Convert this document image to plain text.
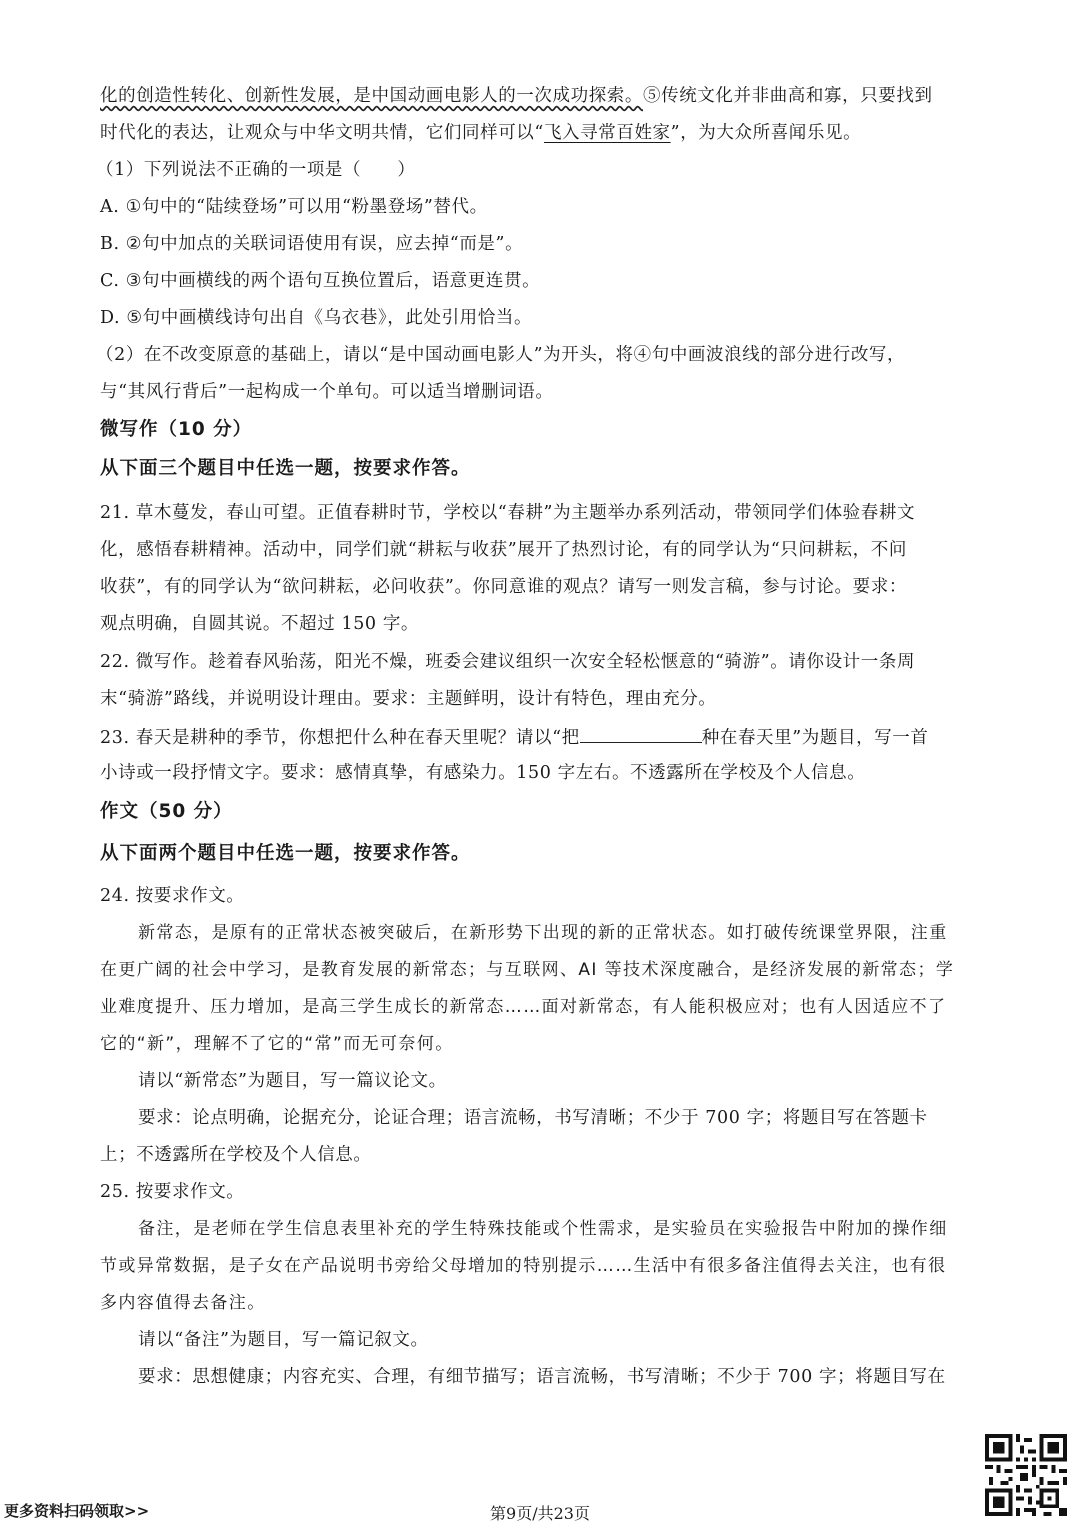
化的创造性转化、创新性发展，是中国动画电影人的一次成功探索。⑤传统文化并非曲高和寡，只要找到
时代化的表达，让观众与中华文明共情，它们同样可以“飞入寻常百姓家”，为大众所喜闻乐见。
（1）下列说法不正确的一项是（　　）
A. ①句中的“陆续登场”可以用“粉墨登场”替代。
B. ②句中加点的关联词语使用有误，应去掉“而是”。
C. ③句中画横线的两个语句互换位置后，语意更连贯。
D. ⑤句中画横线诗句出自《乌衣巷》，此处引用恰当。
（2）在不改变原意的基础上，请以“是中国动画电影人”为开头，将④句中画波浪线的部分进行改写，
与“其风行背后”一起构成一个单句。可以适当增删词语。
微写作（10 分）
从下面三个题目中任选一题，按要求作答。
21. 草木蔓发，春山可望。正值春耕时节，学校以“春耕”为主题举办系列活动，带领同学们体验春耕文
化，感悟春耕精神。活动中，同学们就“耕耘与收获”展开了热烈讨论，有的同学认为“只问耕耘，不问
收获”，有的同学认为“欲问耕耘，必问收获”。你同意谁的观点？请写一则发言稿，参与讨论。要求：
观点明确，自圆其说。不超过 150 字。
22. 微写作。趁着春风骀荡，阳光不燥，班委会建议组织一次安全轻松惬意的“骑游”。请你设计一条周
末“骑游”路线，并说明设计理由。要求：主题鲜明，设计有特色，理由充分。
23. 春天是耕种的季节，你想把什么种在春天里呢？请以“把	种在春天里”为题目，写一首
小诗或一段抒情文字。要求：感情真挚，有感染力。150 字左右。不透露所在学校及个人信息。
作文（50 分）
从下面两个题目中任选一题，按要求作答。
24. 按要求作文。
新常态，是原有的正常状态被突破后，在新形势下出现的新的正常状态。如打破传统课堂界限，注重
在更广阔的社会中学习，是教育发展的新常态；与互联网、AI 等技术深度融合，是经济发展的新常态；学
业难度提升、压力增加，是高三学生成长的新常态……面对新常态，有人能积极应对；也有人因适应不了
它的“新”，理解不了它的“常”而无可奈何。
请以“新常态”为题目，写一篇议论文。
要求：论点明确，论据充分，论证合理；语言流畅，书写清晰；不少于 700 字；将题目写在答题卡
上；不透露所在学校及个人信息。
25. 按要求作文。
备注，是老师在学生信息表里补充的学生特殊技能或个性需求，是实验员在实验报告中附加的操作细
节或异常数据，是子女在产品说明书旁给父母增加的特别提示……生活中有很多备注值得去关注，也有很
多内容值得去备注。
请以“备注”为题目，写一篇记叙文。
要求：思想健康；内容充实、合理，有细节描写；语言流畅，书写清晰；不少于 700 字；将题目写在
更多资料扫码领取>>	第9页/共23页
